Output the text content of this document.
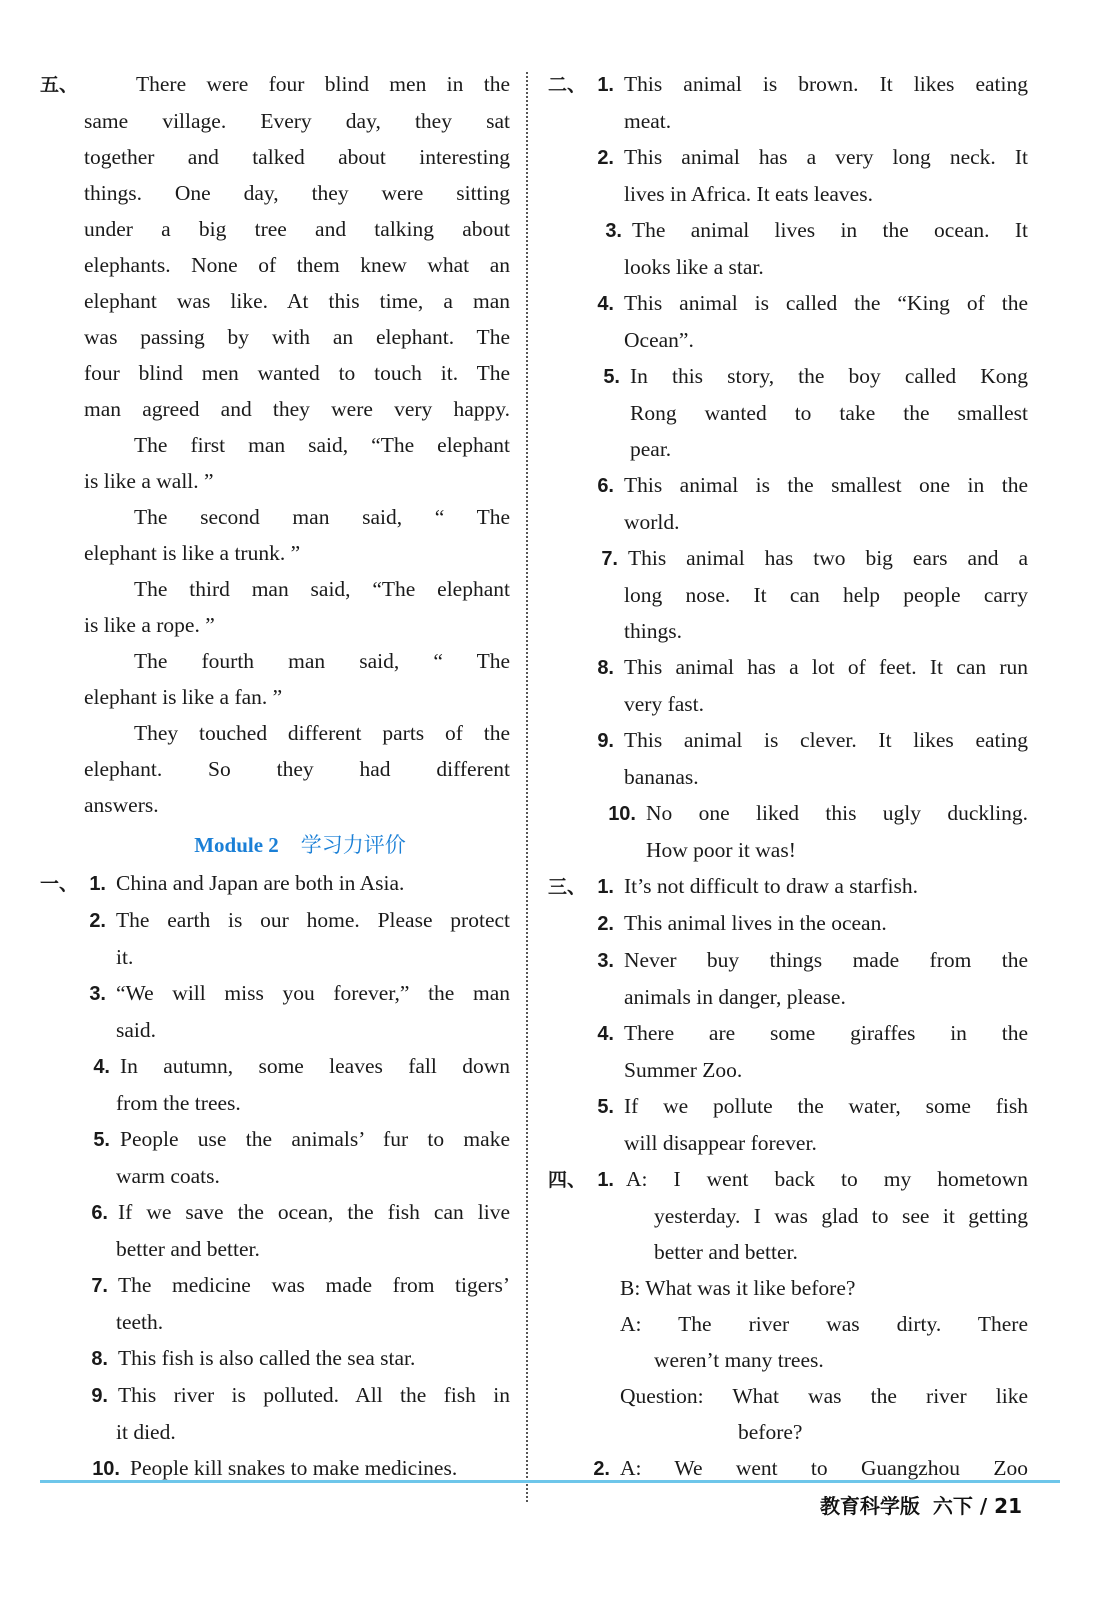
五、	There were four blind men in the
same village. Every day, they sat
together and talked about interesting
things. One day, they were sitting
under a big tree and talking about
elephants. None of them knew what an
elephant was like. At this time, a man
was passing by with an elephant. The
four blind men wanted to touch it. The
man agreed and they were very happy.
The first man said, “The elephant
is like a wall. ”
The second man said, “ The
elephant is like a trunk. ”
The third man said, “The elephant
is like a rope. ”
The fourth man said, “ The
elephant is like a fan. ”
They touched different parts of the
elephant. So they had different
answers.
Module 2 学习力评价
一、 1. China and Japan are both in Asia.
2. The earth is our home. Please protect
it.
3. “We will miss you forever,” the man
said.
4. In autumn, some leaves fall down
from the trees.
5. People use the animals’ fur to make
warm coats.
6. If we save the ocean, the fish can live
better and better.
7. The medicine was made from tigers’
teeth.
8. This fish is also called the sea star.
9. This river is polluted. All the fish in
it died.
10. People kill snakes to make medicines.
二、 1. This animal is brown. It likes eating
meat.
2. This animal has a very long neck. It
lives in Africa. It eats leaves.
3. The animal lives in the ocean. It
looks like a star.
4. This animal is called the “King of the
Ocean”.
5. In this story, the boy called Kong
Rong wanted to take the smallest
pear.
6. This animal is the smallest one in the
world.
7. This animal has two big ears and a
long nose. It can help people carry
things.
8. This animal has a lot of feet. It can run
very fast.
9. This animal is clever. It likes eating
bananas.
10. No one liked this ugly duckling.
How poor it was!
三、 1. It’s not difficult to draw a starfish.
2. This animal lives in the ocean.
3. Never buy things made from the
animals in danger, please.
4. There are some giraffes in the
Summer Zoo.
5. If we pollute the water, some fish
will disappear forever.
四、 1. A: I went back to my hometown
yesterday. I was glad to see it getting
better and better.
B: What was it like before?
A: The river was dirty. There
weren’t many trees.
Question: What was the river like
before?
2. A: We went to Guangzhou Zoo
教育科学版 六下 / 21
